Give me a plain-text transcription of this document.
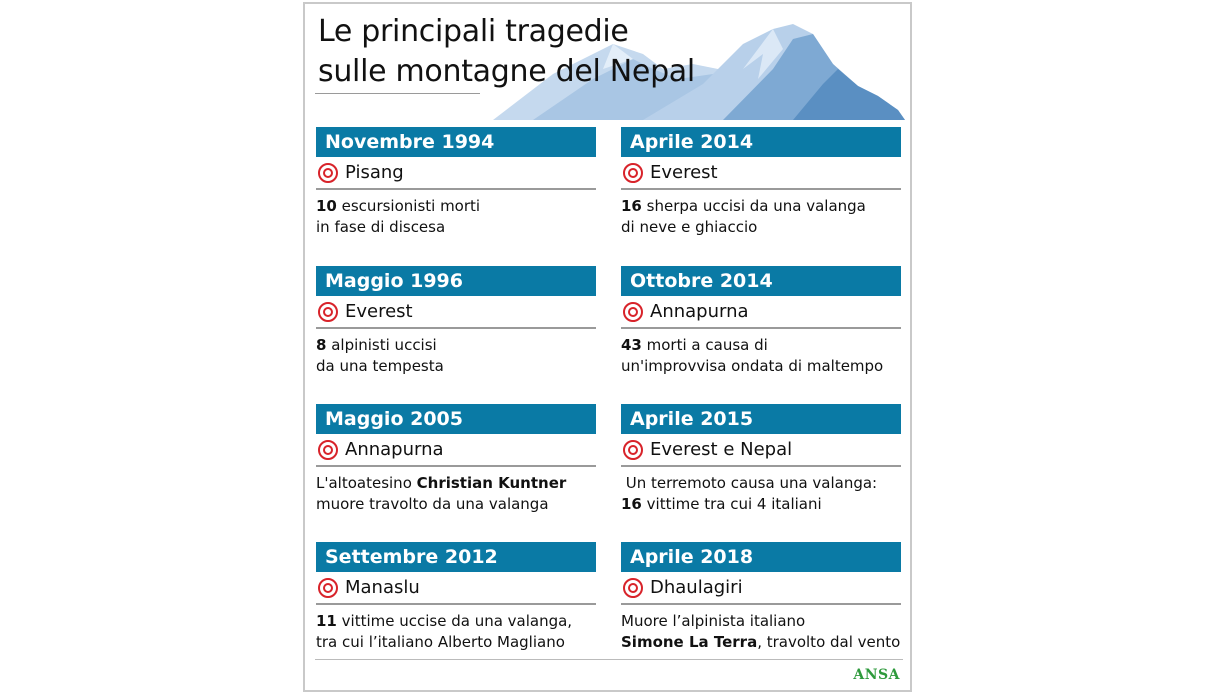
Le principali tragedie
sulle montagne del Nepal
Novembre 1994
Pisang
10 escursionisti morti
in fase di discesa
Aprile 2014
Everest
16 sherpa uccisi da una valanga
di neve e ghiaccio
Maggio 1996
Everest
8 alpinisti uccisi
da una tempesta
Ottobre 2014
Annapurna
43 morti a causa di
un'improvvisa ondata di maltempo
Maggio 2005
Annapurna
L'altoatesino Christian Kuntner
muore travolto da una valanga
Aprile 2015
Everest e Nepal
Un terremoto causa una valanga:
16 vittime tra cui 4 italiani
Settembre 2012
Manaslu
11 vittime uccise da una valanga,
tra cui l’italiano Alberto Magliano
Aprile 2018
Dhaulagiri
Muore l’alpinista italiano
Simone La Terra, travolto dal vento
ANSA
